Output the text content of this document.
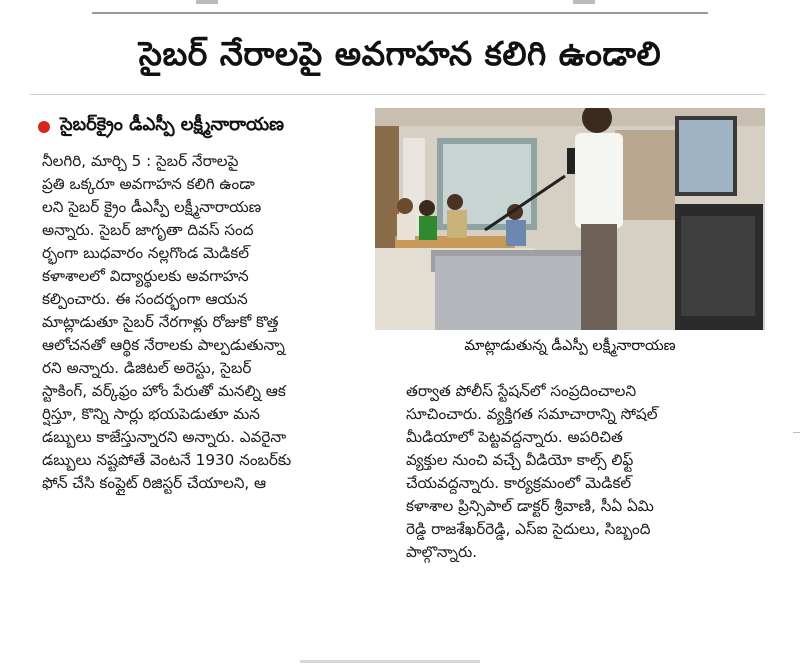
సైబర్ నేరాలపై అవగాహన కలిగి ఉండాలి
సైబర్‌క్రైం డీఎస్పీ లక్ష్మీనారాయణ

నీలగిరి, మార్చి 5 : సైబర్ నేరాలపై

ప్రతి ఒక్కరూ అవగాహన కలిగి ఉండా

లని సైబర్ క్రైం డీఎస్పీ లక్ష్మీనారాయణ

అన్నారు. సైబర్ జాగృతా దివస్ సంద

ర్భంగా బుధవారం నల్లగొండ మెడికల్

కళాశాలలో విద్యార్థులకు అవగాహన

కల్పించారు. ఈ సందర్భంగా ఆయన

మాట్లాడుతూ సైబర్ నేరగాళ్లు రోజుకో కొత్త

ఆలోచనతో ఆర్థిక నేరాలకు పాల్పడుతున్నా

రని అన్నారు. డిజిటల్ అరెస్టు, సైబర్

స్టాకింగ్, వర్క్‌ఫ్రం హోం పేరుతో మనల్ని ఆక

ర్షిస్తూ, కొన్ని సార్లు భయపెడుతూ మన

డబ్బులు కాజేస్తున్నారని అన్నారు. ఎవరైనా

డబ్బులు నష్టపోతే వెంటనే 1930 నంబర్‌కు

ఫోన్ చేసి కంప్లైట్ రిజిస్టర్ చేయాలని, ఆ

మాట్లాడుతున్న డీఎస్పీ లక్ష్మీనారాయణ

తర్వాత పోలీస్ స్టేషన్‌లో సంప్రదించాలని

సూచించారు. వ్యక్తిగత సమాచారాన్ని సోషల్

మీడియాలో పెట్టవద్దన్నారు. అపరిచిత

వ్యక్తుల నుంచి వచ్చే వీడియో కాల్స్ లిఫ్ట్

చేయవద్దన్నారు. కార్యక్రమంలో మెడికల్

కళాశాల ప్రిన్సిపాల్ డాక్టర్ శ్రీవాణి, సీఏ ఏమి

రెడ్డి రాజశేఖర్‌రెడ్డి, ఎస్ఐ సైదులు, సిబ్బంది

పాల్గొన్నారు.
